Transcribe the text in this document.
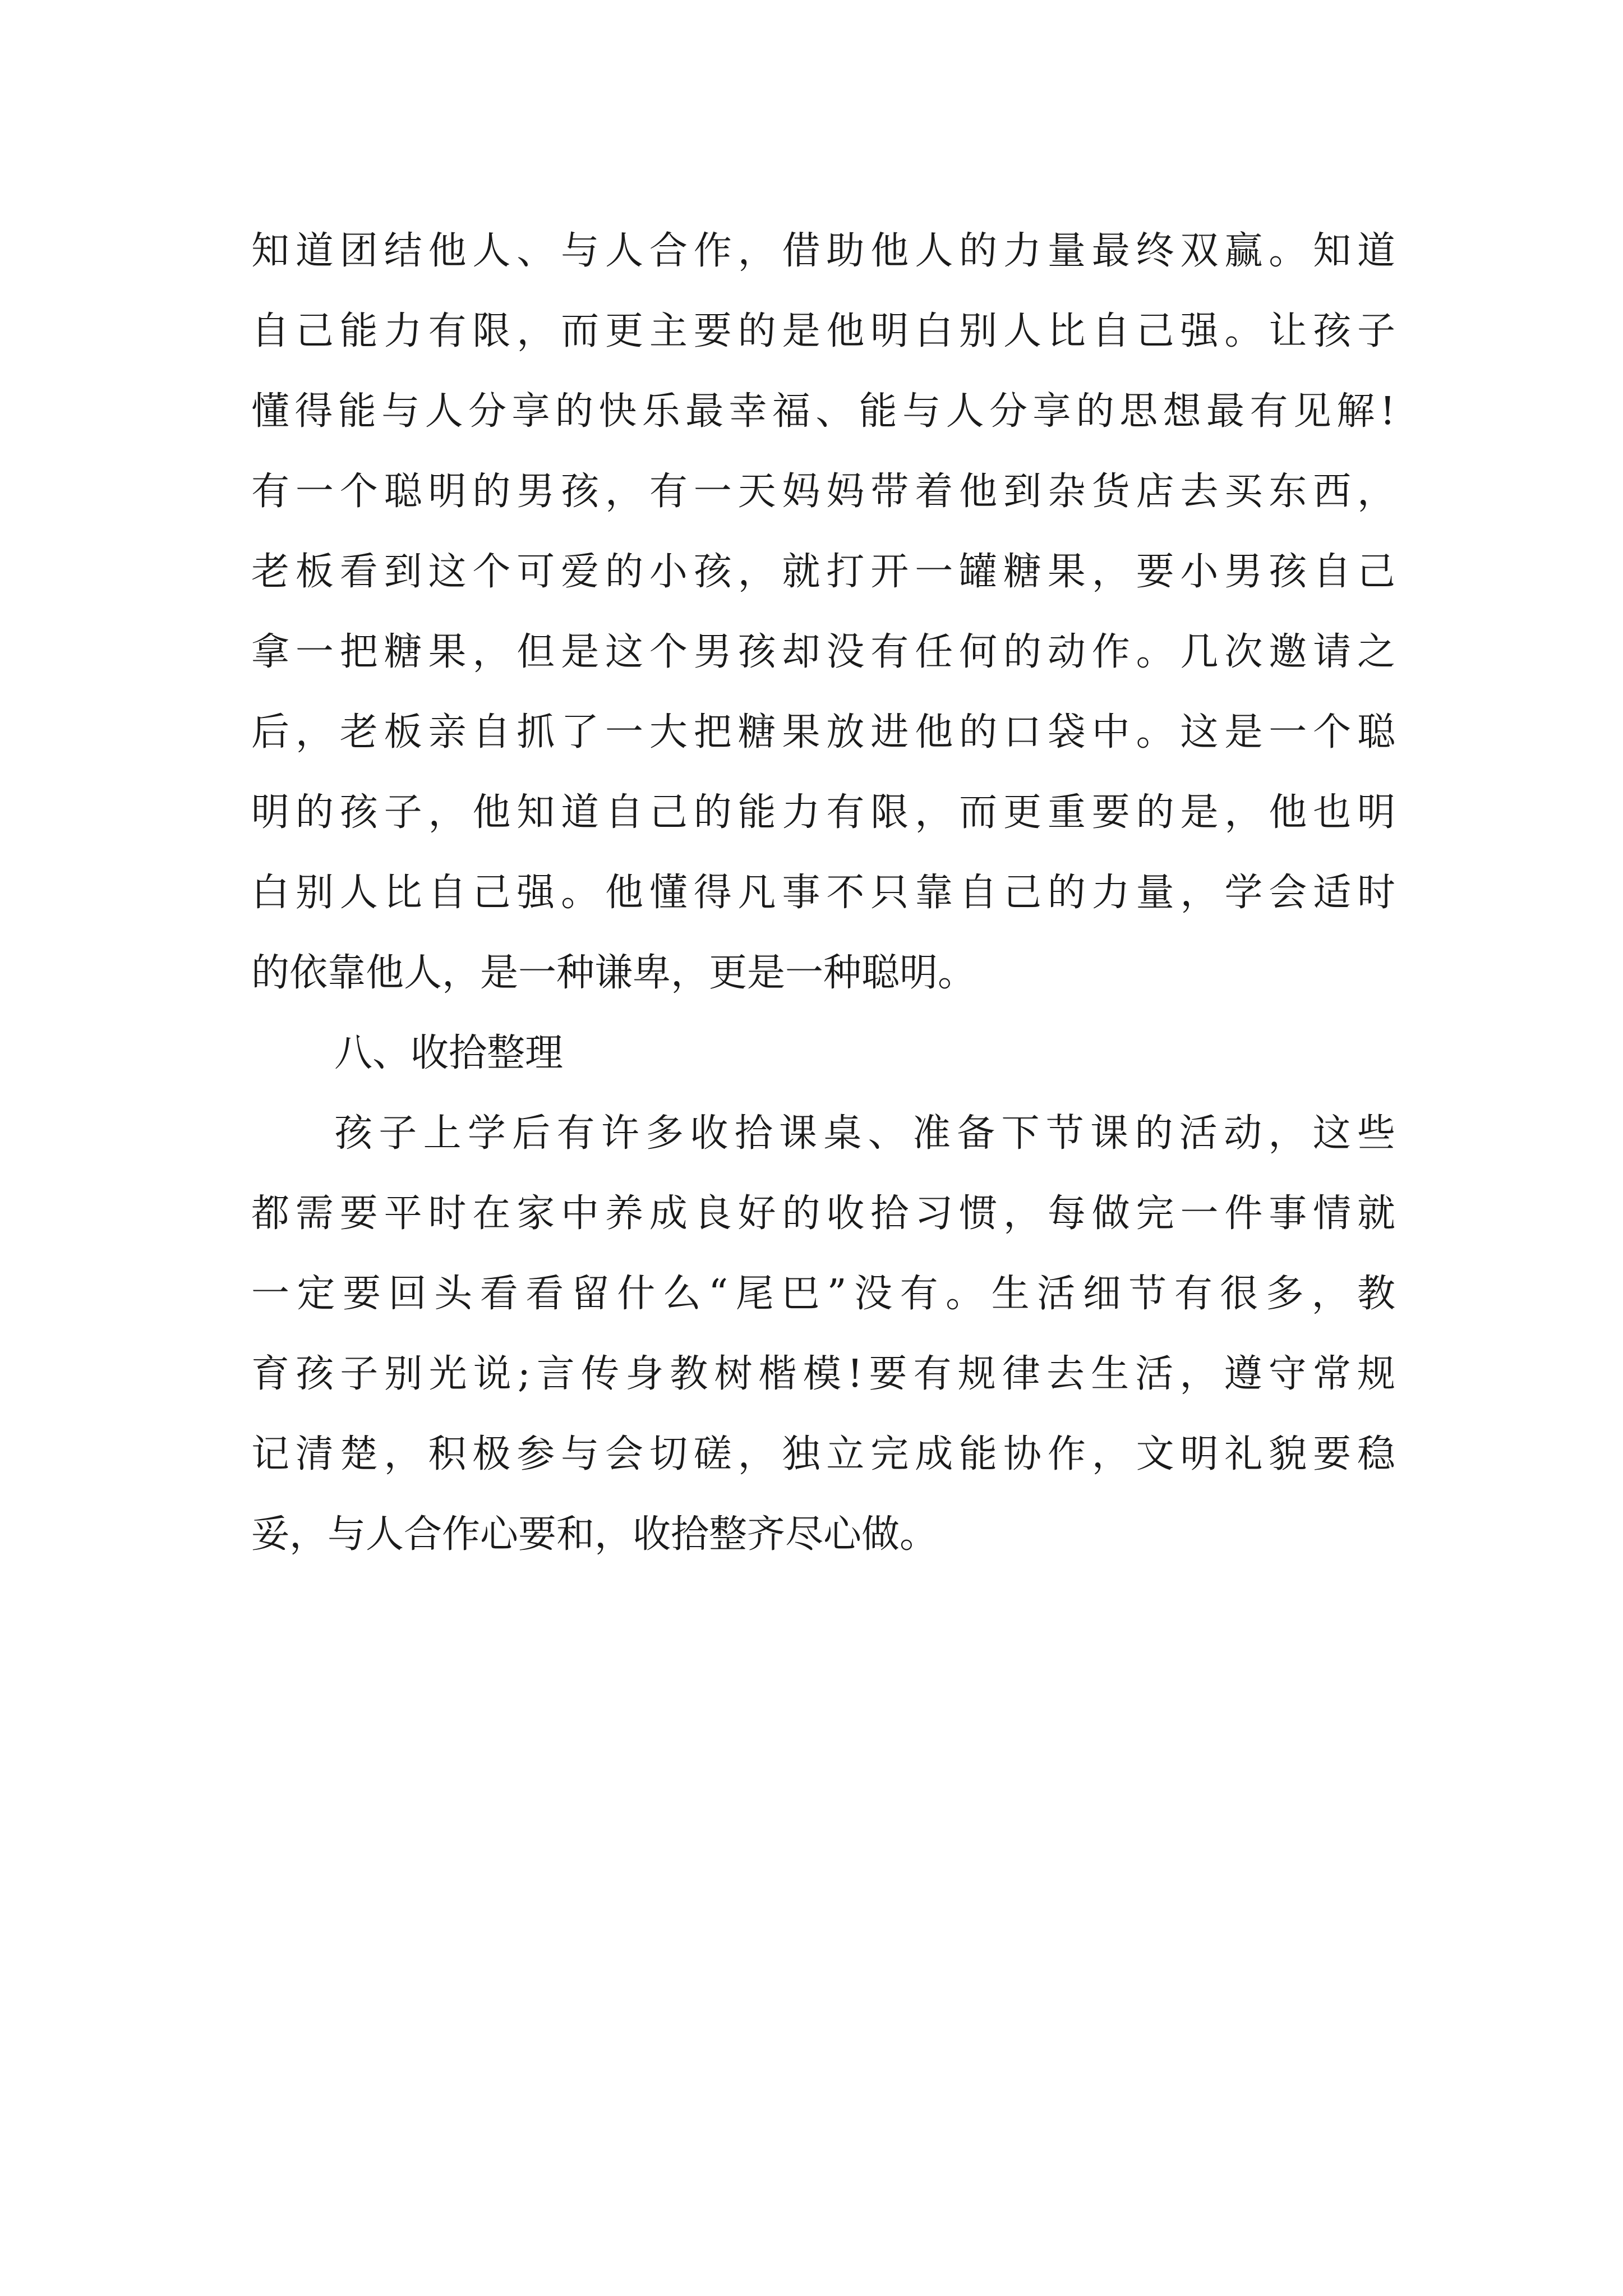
知道团结他人、与人合作，借助他人的力量最终双赢。知道
自己能力有限，而更主要的是他明白别人比自己强。让孩子
懂得能与人分享的快乐最幸福、能与人分享的思想最有见解!
有一个聪明的男孩，有一天妈妈带着他到杂货店去买东西，
老板看到这个可爱的小孩，就打开一罐糖果，要小男孩自己
拿一把糖果，但是这个男孩却没有任何的动作。几次邀请之
后，老板亲自抓了一大把糖果放进他的口袋中。这是一个聪
明的孩子，他知道自己的能力有限，而更重要的是，他也明
白别人比自己强。他懂得凡事不只靠自己的力量，学会适时
的依靠他人，是一种谦卑，更是一种聪明。
八、收拾整理
孩子上学后有许多收拾课桌、准备下节课的活动，这些
都需要平时在家中养成良好的收拾习惯，每做完一件事情就
一定要回头看看留什么“尾巴”没有。生活细节有很多，教
育孩子别光说;言传身教树楷模!要有规律去生活，遵守常规
记清楚，积极参与会切磋，独立完成能协作，文明礼貌要稳
妥，与人合作心要和，收拾整齐尽心做。
